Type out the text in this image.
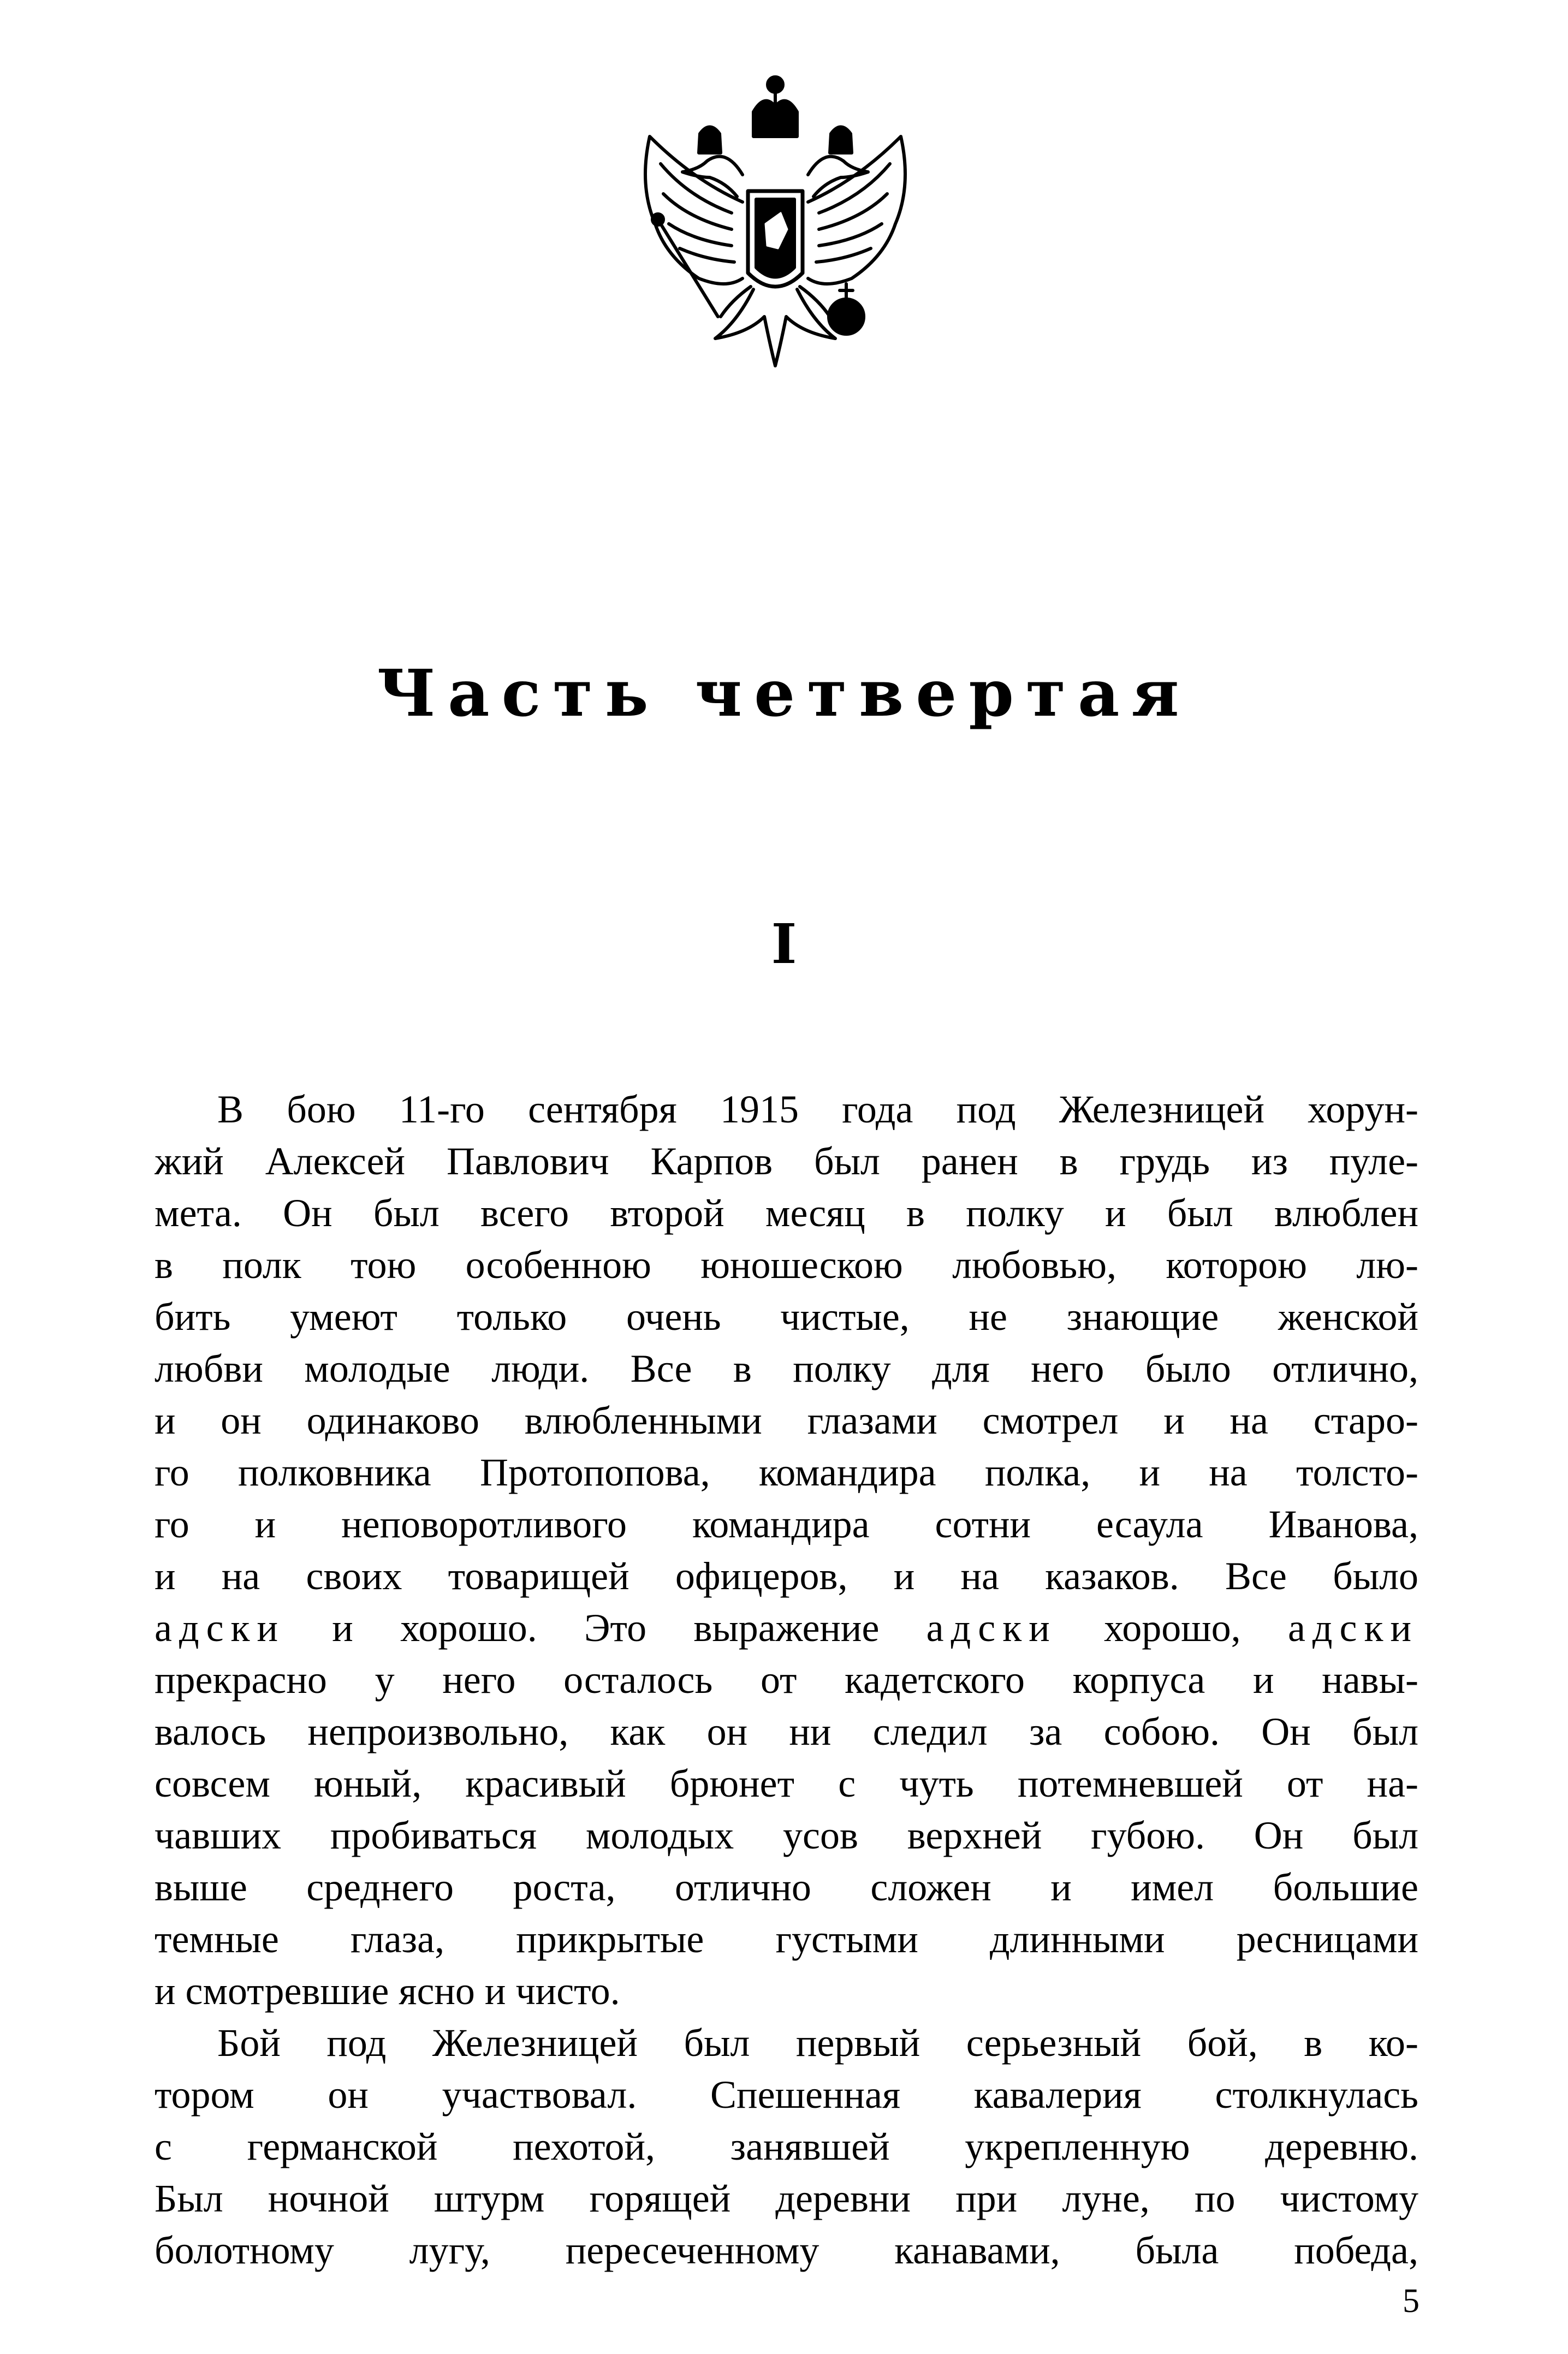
Часть четвертая
I
В бою 11-го сентября 1915 года под Железницей хорун-
жий Алексей Павлович Карпов был ранен в грудь из пуле-
мета. Он был всего второй месяц в полку и был влюблен
в полк тою особенною юношескою любовью, которою лю-
бить умеют только очень чистые, не знающие женской
любви молодые люди. Все в полку для него было отлично,
и он одинаково влюбленными глазами смотрел и на старо-
го полковника Протопопова, командира полка, и на толсто-
го и неповоротливого командира сотни есаула Иванова,
и на своих товарищей офицеров, и на казаков. Все было
адски и хорошо. Это выражение адски хорошо, адски
прекрасно у него осталось от кадетского корпуса и навы-
валось непроизвольно, как он ни следил за собою. Он был
совсем юный, красивый брюнет с чуть потемневшей от на-
чавших пробиваться молодых усов верхней губою. Он был
выше среднего роста, отлично сложен и имел большие
темные глаза, прикрытые густыми длинными ресницами
и смотревшие ясно и чисто.
Бой под Железницей был первый серьезный бой, в ко-
тором он участвовал. Спешенная кавалерия столкнулась
с германской пехотой, занявшей укрепленную деревню.
Был ночной штурм горящей деревни при луне, по чистому
болотному лугу, пересеченному канавами, была победа,
5
